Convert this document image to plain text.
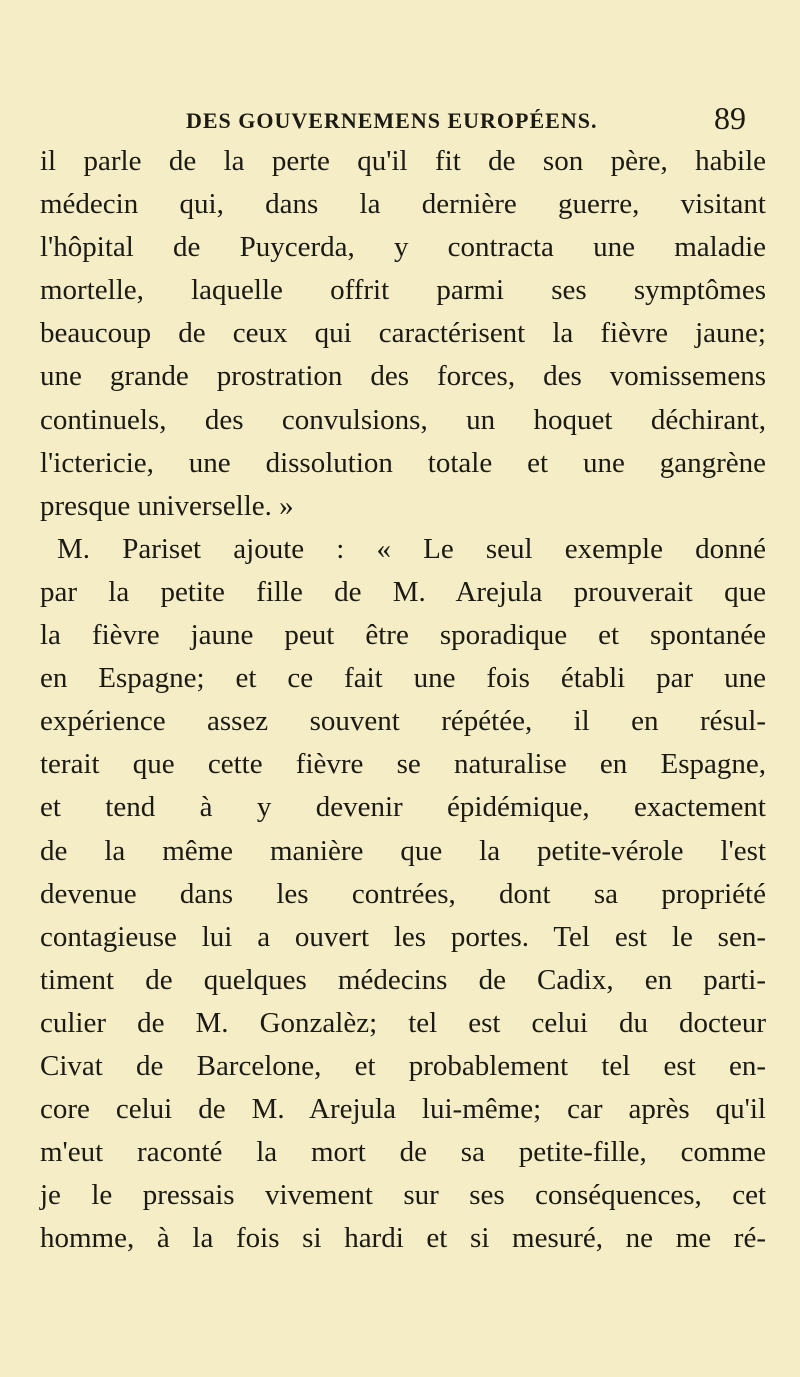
DES GOUVERNEMENS EUROPÉENS.	89
il parle de la perte qu'il fit de son père, habile
médecin qui, dans la dernière guerre, visitant
l'hôpital de Puycerda, y contracta une maladie
mortelle, laquelle offrit parmi ses symptômes
beaucoup de ceux qui caractérisent la fièvre jaune;
une grande prostration des forces, des vomissemens
continuels, des convulsions, un hoquet déchirant,
l'ictericie, une dissolution totale et une gangrène
presque universelle. »
M. Pariset ajoute : « Le seul exemple donné
par la petite fille de M. Arejula prouverait que
la fièvre jaune peut être sporadique et spontanée
en Espagne; et ce fait une fois établi par une
expérience assez souvent répétée, il en résul-
terait que cette fièvre se naturalise en Espagne,
et tend à y devenir épidémique, exactement
de la même manière que la petite-vérole l'est
devenue dans les contrées, dont sa propriété
contagieuse lui a ouvert les portes. Tel est le sen-
timent de quelques médecins de Cadix, en parti-
culier de M. Gonzalèz; tel est celui du docteur
Civat de Barcelone, et probablement tel est en-
core celui de M. Arejula lui-même; car après qu'il
m'eut raconté la mort de sa petite-fille, comme
je le pressais vivement sur ses conséquences, cet
homme, à la fois si hardi et si mesuré, ne me ré-
